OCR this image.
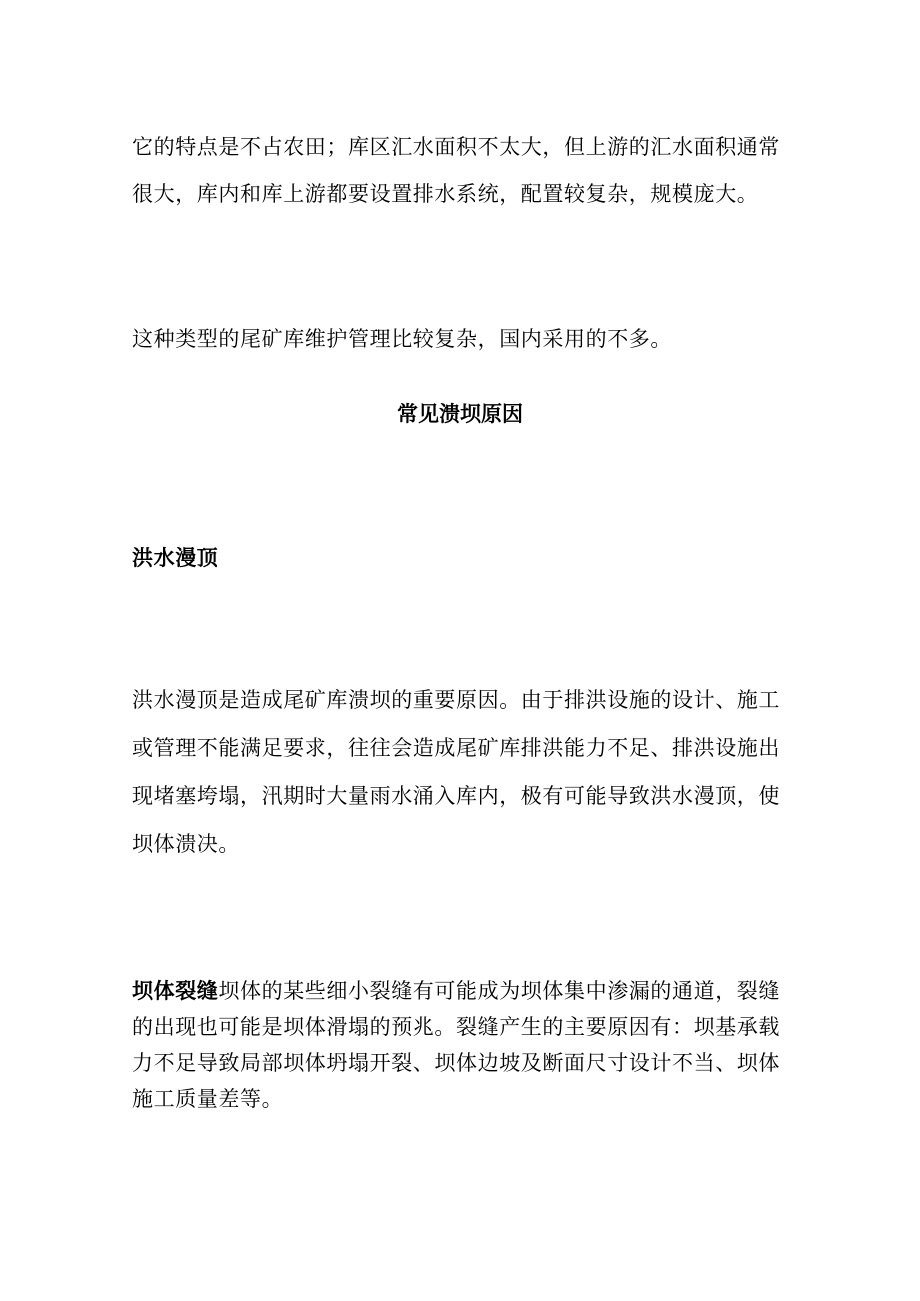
它的特点是不占农田；库区汇水面积不太大，但上游的汇水面积通常
很大，库内和库上游都要设置排水系统，配置较复杂，规模庞大。
这种类型的尾矿库维护管理比较复杂，国内采用的不多。
常见溃坝原因
洪水漫顶
洪水漫顶是造成尾矿库溃坝的重要原因。由于排洪设施的设计、施工
或管理不能满足要求，往往会造成尾矿库排洪能力不足、排洪设施出
现堵塞垮塌，汛期时大量雨水涌入库内，极有可能导致洪水漫顶，使
坝体溃决。
坝体裂缝坝体的某些细小裂缝有可能成为坝体集中渗漏的通道，裂缝
的出现也可能是坝体滑塌的预兆。裂缝产生的主要原因有：坝基承载
力不足导致局部坝体坍塌开裂、坝体边坡及断面尺寸设计不当、坝体
施工质量差等。
